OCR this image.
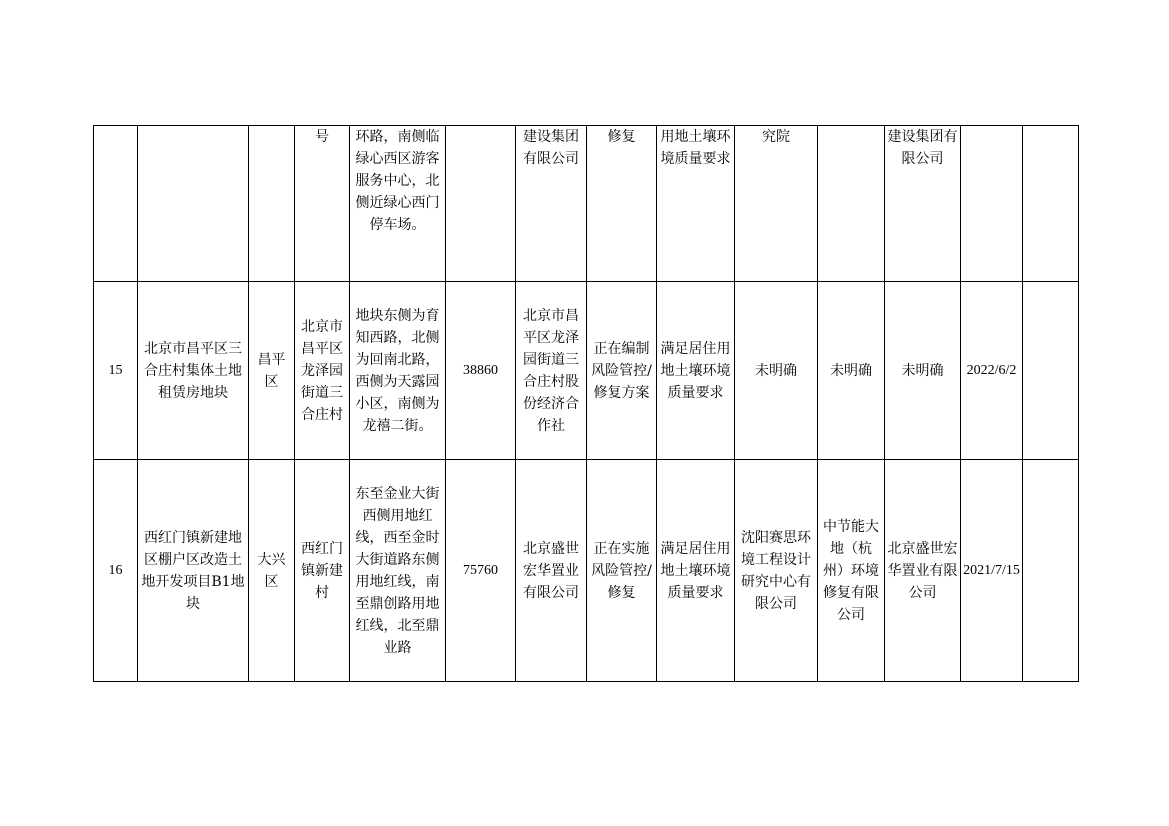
			号	环路，南侧临绿心西区游客服务中心，北侧近绿心西门停车场。		建设集团有限公司	修复	用地土壤环境质量要求	究院		建设集团有限公司		
15	北京市昌平区三合庄村集体土地租赁房地块	昌平区	北京市昌平区龙泽园街道三合庄村	地块东侧为育知西路，北侧为回南北路，西侧为天露园小区，南侧为龙禧二街。	38860	北京市昌平区龙泽园街道三合庄村股份经济合作社	正在编制风险管控/修复方案	满足居住用地土壤环境质量要求	未明确	未明确	未明确	2022/6/2	
16	西红门镇新建地区棚户区改造土地开发项目B1地块	大兴区	西红门镇新建村	东至金业大街西侧用地红线，西至金时大街道路东侧用地红线，南至鼎创路用地红线，北至鼎业路	75760	北京盛世宏华置业有限公司	正在实施风险管控/修复	满足居住用地土壤环境质量要求	沈阳赛思环境工程设计研究中心有限公司	中节能大地（杭州）环境修复有限公司	北京盛世宏华置业有限公司	2021/7/15	
